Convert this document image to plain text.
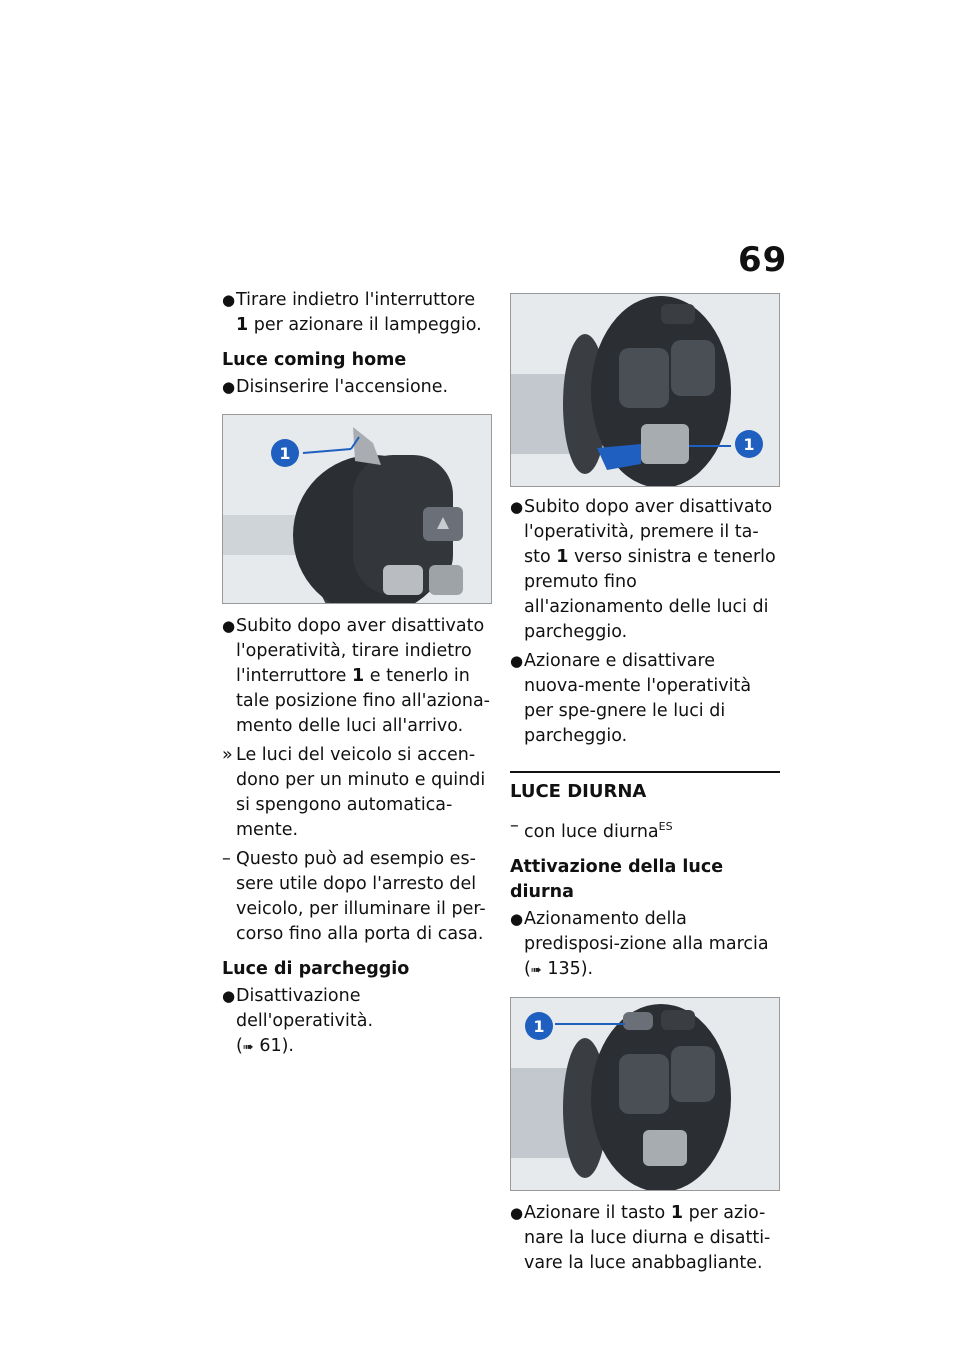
69
● Tirare indietro l'interruttore 1 per azionare il lampeggio.
Luce coming home
● Disinserire l'accensione.
1
● Subito dopo aver disattivato l'operatività, tirare indietro l'interruttore 1 e tenerlo in tale posizione fino all'aziona-mento delle luci all'arrivo.
» Le luci del veicolo si accen-dono per un minuto e quindi si spengono automatica-mente.
– Questo può ad esempio es-sere utile dopo l'arresto del veicolo, per illuminare il per-corso fino alla porta di casa.
Luce di parcheggio
● Disattivazione dell'operatività.
(➠ 61).
1
● Subito dopo aver disattivato l'operatività, premere il ta-sto 1 verso sinistra e tenerlo premuto fino all'azionamento delle luci di parcheggio.
● Azionare e disattivare nuova-mente l'operatività per spe-gnere le luci di parcheggio.
LUCE DIURNA
– con luce diurna$^{ES}$
Attivazione della luce diurna
● Azionamento della predisposi-zione alla marcia (➠ 135).
1
● Azionare il tasto 1 per azio-nare la luce diurna e disatti-vare la luce anabbagliante.
